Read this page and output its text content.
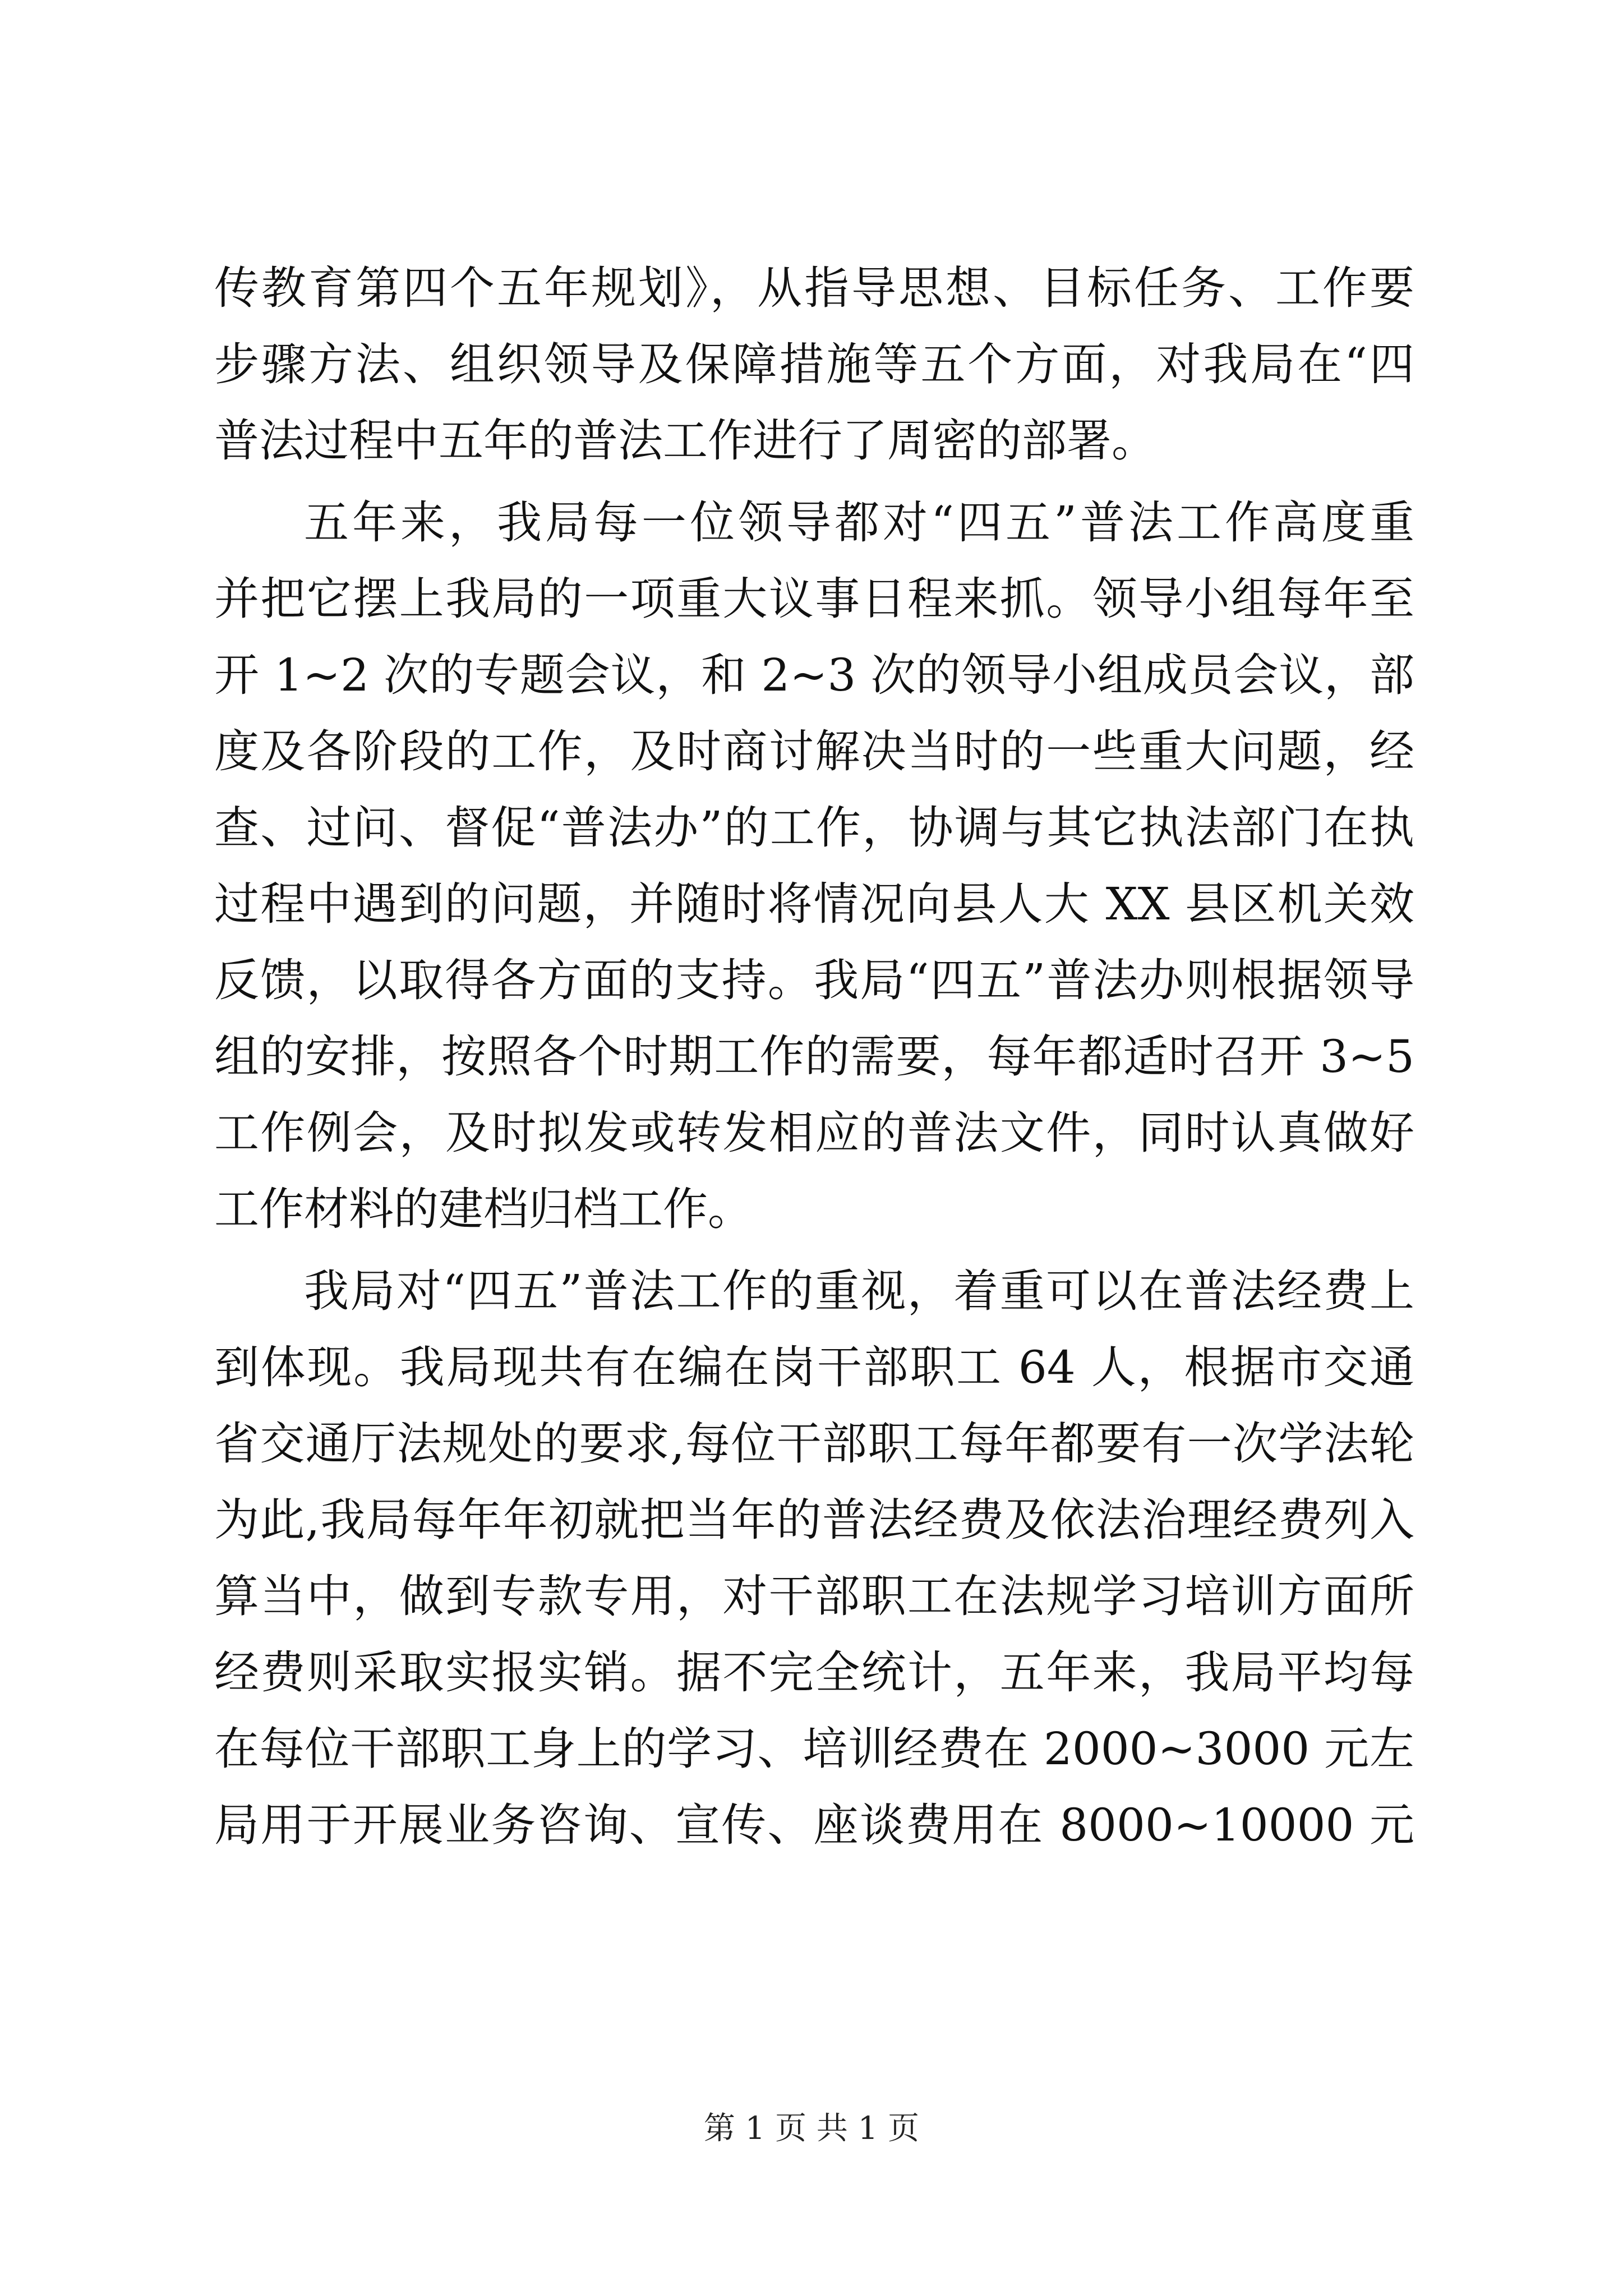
传教育第四个五年规划》，从指导思想、目标任务、工作要
步骤方法、组织领导及保障措施等五个方面，对我局在“四
普法过程中五年的普法工作进行了周密的部署。
五年来，我局每一位领导都对“四五”普法工作高度重
并把它摆上我局的一项重大议事日程来抓。领导小组每年至
开 1~2 次的专题会议，和 2~3 次的领导小组成员会议，部
度及各阶段的工作，及时商讨解决当时的一些重大问题，经
查、过问、督促“普法办”的工作，协调与其它执法部门在执
过程中遇到的问题，并随时将情况向县人大 XX 县区机关效
反馈，以取得各方面的支持。我局“四五”普法办则根据领导
组的安排，按照各个时期工作的需要，每年都适时召开 3~5
工作例会，及时拟发或转发相应的普法文件，同时认真做好
工作材料的建档归档工作。
我局对“四五”普法工作的重视，着重可以在普法经费上
到体现。我局现共有在编在岗干部职工 64 人，根据市交通
省交通厅法规处的要求,每位干部职工每年都要有一次学法轮
为此,我局每年年初就把当年的普法经费及依法治理经费列入
算当中，做到专款专用，对干部职工在法规学习培训方面所
经费则采取实报实销。据不完全统计，五年来，我局平均每
在每位干部职工身上的学习、培训经费在 2000~3000 元左
局用于开展业务咨询、宣传、座谈费用在 8000~10000 元
第 1 页 共 1 页
